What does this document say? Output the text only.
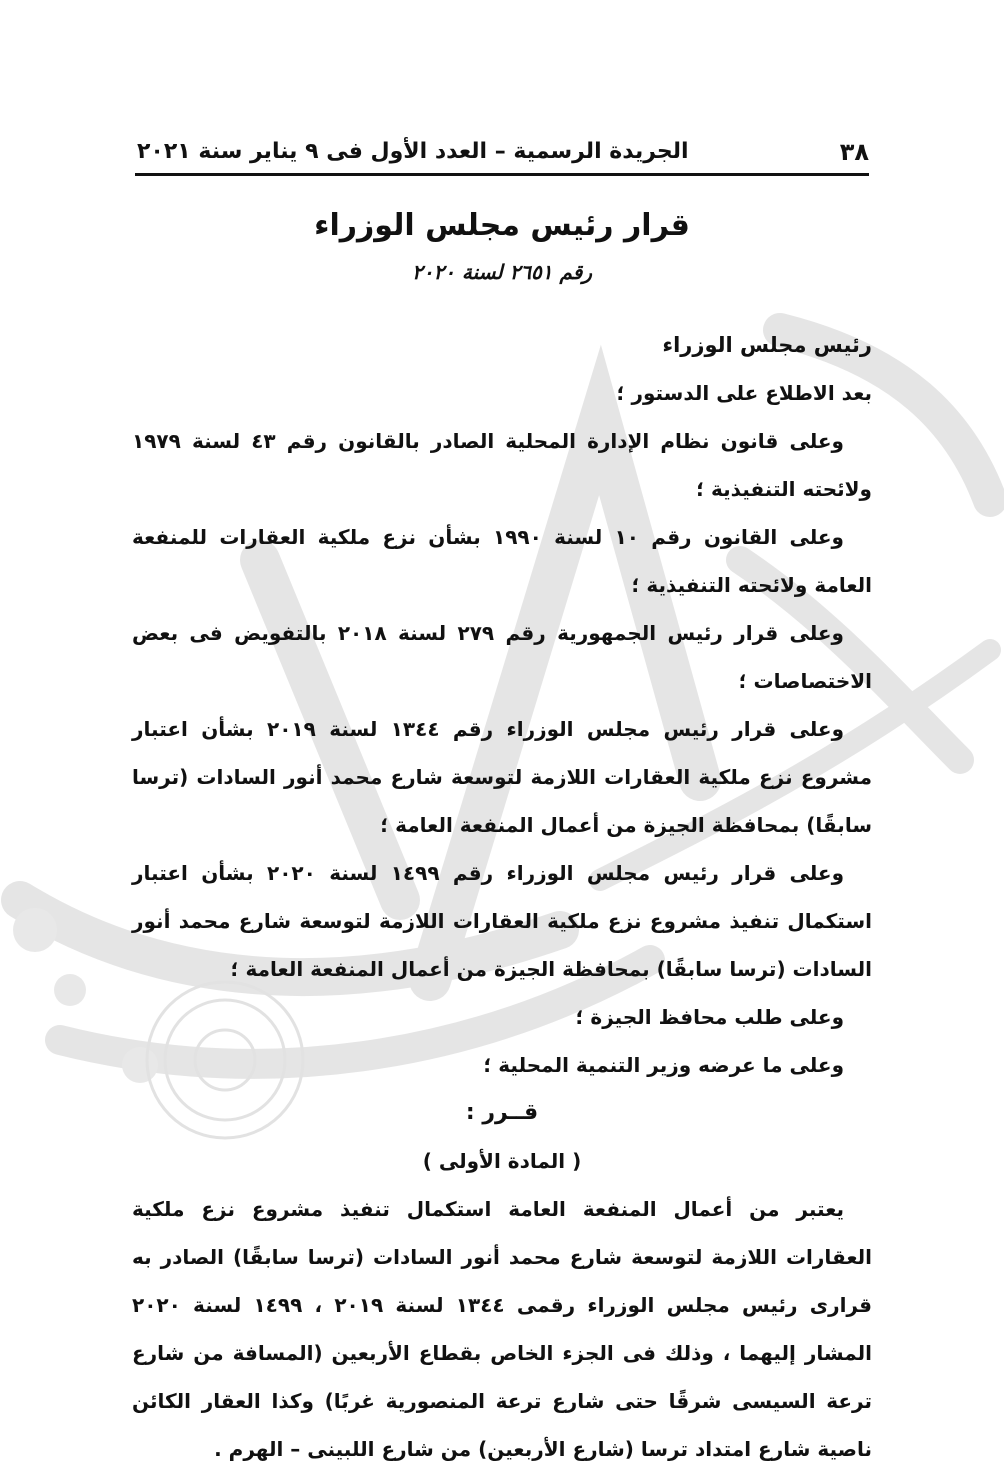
٣٨
الجريدة الرسمية – العدد الأول فى ٩ يناير سنة ٢٠٢١
قرار رئيس مجلس الوزراء
رقم ٢٦٥١ لسنة ٢٠٢٠

رئيس مجلس الوزراء

بعد الاطلاع على الدستور ؛

وعلى قانون نظام الإدارة المحلية الصادر بالقانون رقم ٤٣ لسنة ١٩٧٩ ولائحته التنفيذية ؛

وعلى القانون رقم ١٠ لسنة ١٩٩٠ بشأن نزع ملكية العقارات للمنفعة العامة ولائحته التنفيذية ؛

وعلى قرار رئيس الجمهورية رقم ٢٧٩ لسنة ٢٠١٨ بالتفويض فى بعض الاختصاصات ؛

وعلى قرار رئيس مجلس الوزراء رقم ١٣٤٤ لسنة ٢٠١٩ بشأن اعتبار مشروع نزع ملكية العقارات اللازمة لتوسعة شارع محمد أنور السادات (ترسا سابقًا) بمحافظة الجيزة من أعمال المنفعة العامة ؛

وعلى قرار رئيس مجلس الوزراء رقم ١٤٩٩ لسنة ٢٠٢٠ بشأن اعتبار استكمال تنفيذ مشروع نزع ملكية العقارات اللازمة لتوسعة شارع محمد أنور السادات (ترسا سابقًا) بمحافظة الجيزة من أعمال المنفعة العامة ؛

وعلى طلب محافظ الجيزة ؛

وعلى ما عرضه وزير التنمية المحلية ؛

قــرر :

( المادة الأولى )

يعتبر من أعمال المنفعة العامة استكمال تنفيذ مشروع نزع ملكية العقارات اللازمة لتوسعة شارع محمد أنور السادات (ترسا سابقًا) الصادر به قرارى رئيس مجلس الوزراء رقمى ١٣٤٤ لسنة ٢٠١٩ ، ١٤٩٩ لسنة ٢٠٢٠ المشار إليهما ، وذلك فى الجزء الخاص بقطاع الأربعين (المسافة من شارع ترعة السيسى شرقًا حتى شارع ترعة المنصورية غربًا) وكذا العقار الكائن ناصية شارع امتداد ترسا (شارع الأربعين) من شارع اللبينى – الهرم .
